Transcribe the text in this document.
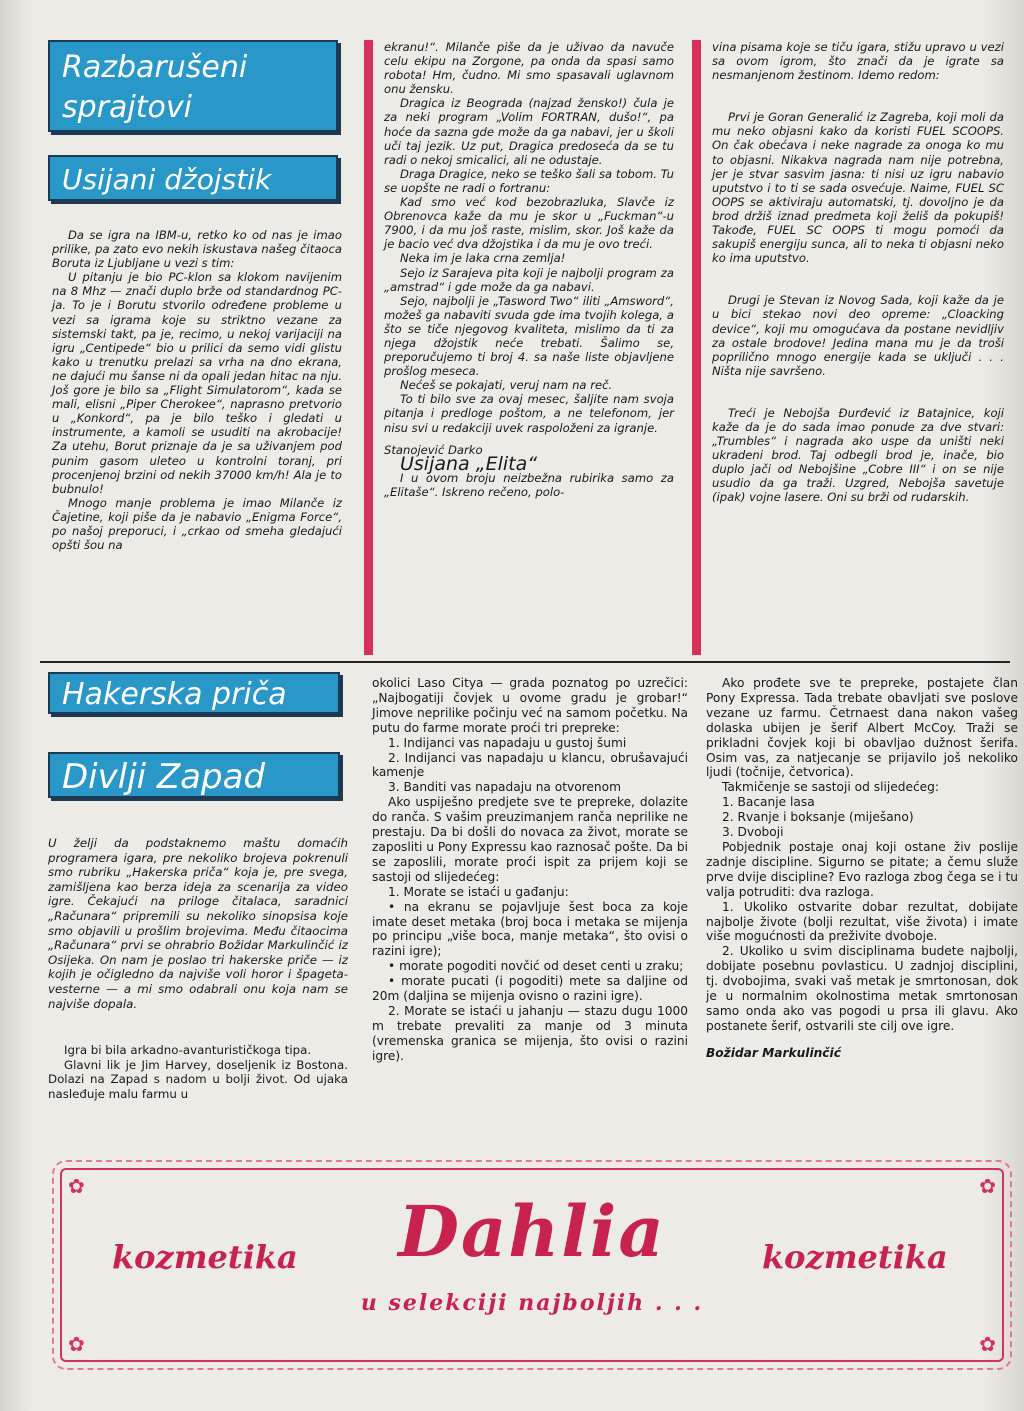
Razbarušeni sprajtovi
Usijani džojstik

Da se igra na IBM-u, retko ko od nas je imao prilike, pa zato evo nekih iskustava našeg čitaoca Boruta iz Ljubljane u vezi s tim:

U pitanju je bio PC-klon sa klokom navijenim na 8 Mhz — znači duplo brže od standardnog PC-ja. To je i Borutu stvorilo određene probleme u vezi sa igrama koje su striktno vezane za sistemski takt, pa je, recimo, u nekoj varijaciji na igru „Centipede“ bio u prilici da semo vidi glistu kako u trenutku prelazi sa vrha na dno ekrana, ne dajući mu šanse ni da opali jedan hitac na nju. Još gore je bilo sa „Flight Simulatorom“, kada se mali, elisni „Piper Cherokee“, naprasno pretvorio u „Konkord“, pa je bilo teško i gledati u instrumente, a kamoli se usuditi na akrobacije! Za utehu, Borut priznaje da je sa uživanjem pod punim gasom uleteo u kontrolni toranj, pri procenjenoj brzini od nekih 37000 km/h! Ala je to bubnulo!

Mnogo manje problema je imao Milanče iz Čajetine, koji piše da je nabavio „Enigma Force“, po našoj preporuci, i „crkao od smeha gledajući opšti šou na

ekranu!“. Milanče piše da je uživao da navuče celu ekipu na Zorgone, pa onda da spasi samo robota! Hm, čudno. Mi smo spasavali uglavnom onu žensku.

Dragica iz Beograda (najzad žensko!) čula je za neki program „Volim FORTRAN, dušo!“, pa hoće da sazna gde može da ga nabavi, jer u školi uči taj jezik. Uz put, Dragica predoseća da se tu radi o nekoj smicalici, ali ne odustaje.

Draga Dragice, neko se teško šali sa tobom. Tu se uopšte ne radi o fortranu:

Kad smo već kod bezobrazluka, Slavče iz Obrenovca kaže da mu je skor u „Fuckman“-u 7900, i da mu još raste, mislim, skor. Još kaže da je bacio već dva džojstika i da mu je ovo treći.

Neka im je laka crna zemlja!

Sejo iz Sarajeva pita koji je najbolji program za „amstrad“ i gde može da ga nabavi.

Sejo, najbolji je „Tasword Two“ iliti „Amsword“, možeš ga nabaviti svuda gde ima tvojih kolega, a što se tiče njegovog kvaliteta, mislimo da ti za njega džojstik neće trebati. Šalimo se, preporučujemo ti broj 4. sa naše liste objavljene prošlog meseca.

Nećeš se pokajati, veruj nam na reč.

To ti bilo sve za ovaj mesec, šaljite nam svoja pitanja i predloge poštom, a ne telefonom, jer nisu svi u redakciji uvek raspoloženi za igranje.

Stanojević Darko

Usijana „Elita“

I u ovom broju neizbežna rubirika samo za „Elitaše“. Iskreno rečeno, polo-

vina pisama koje se tiču igara, stižu upravo u vezi sa ovom igrom, što znači da je igrate sa nesmanjenom žestinom. Idemo redom:

Prvi je Goran Generalić iz Zagreba, koji moli da mu neko objasni kako da koristi FUEL SCOOPS. On čak obećava i neke nagrade za onoga ko mu to objasni. Nikakva nagrada nam nije potrebna, jer je stvar sasvim jasna: ti nisi uz igru nabavio uputstvo i to ti se sada osvećuje. Naime, FUEL SC OOPS se aktiviraju automatski, tj. dovoljno je da brod držiš iznad predmeta koji želiš da pokupiš! Takođe, FUEL SC OOPS ti mogu pomoći da sakupiš energiju sunca, ali to neka ti objasni neko ko ima uputstvo.

Drugi je Stevan iz Novog Sada, koji kaže da je u bici stekao novi deo opreme: „Cloacking device“, koji mu omogućava da postane nevidljiv za ostale brodove! Jedina mana mu je da troši poprilično mnogo energije kada se uključi . . . Ništa nije savršeno.

Treći je Nebojša Đurđević iz Batajnice, koji kaže da je do sada imao ponude za dve stvari: „Trumbles“ i nagrada ako uspe da uništi neki ukradeni brod. Taj odbegli brod je, inače, bio duplo jači od Nebojšine „Cobre III“ i on se nije usudio da ga traži. Uzgred, Nebojša savetuje (ipak) vojne lasere. Oni su brži od rudarskih.

Hakerska priča
Divlji Zapad

U želji da podstaknemo maštu domaćih programera igara, pre nekoliko brojeva pokrenuli smo rubriku „Hakerska priča“ koja je, pre svega, zamišljena kao berza ideja za scenarija za video igre. Čekajući na priloge čitalaca, saradnici „Računara“ pripremili su nekoliko sinopsisa koje smo objavili u prošlim brojevima. Među čitaocima „Računara“ prvi se ohrabrio Božidar Markulinčić iz Osijeka. On nam je poslao tri hakerske priče — iz kojih je očigledno da najviše voli horor i špageta-vesterne — a mi smo odabrali onu koja nam se najviše dopala.

Igra bi bila arkadno-avanturističkoga tipa.

Glavni lik je Jim Harvey, doseljenik iz Bostona. Dolazi na Zapad s nadom u bolji život. Od ujaka nasleđuje malu farmu u

okolici Laso Citya — grada poznatog po uzrečici: „Najbogatiji čovjek u ovome gradu je grobar!“ Jimove neprilike počinju već na samom početku. Na putu do farme morate proći tri prepreke:

1. Indijanci vas napadaju u gustoj šumi

2. Indijanci vas napadaju u klancu, obrušavajući kamenje

3. Banditi vas napadaju na otvorenom

Ako uspiješno predjete sve te prepreke, dolazite do ranča. S vašim preuzimanjem ranča neprilike ne prestaju. Da bi došli do novaca za život, morate se zaposliti u Pony Expressu kao raznosač pošte. Da bi se zaposlili, morate proći ispit za prijem koji se sastoji od slijedećeg:

1. Morate se istaći u gađanju:

• na ekranu se pojavljuje šest boca za koje imate deset metaka (broj boca i metaka se mijenja po principu „više boca, manje metaka“, što ovisi o razini igre);

• morate pogoditi novčić od deset centi u zraku;

• morate pucati (i pogoditi) mete sa daljine od 20m (daljina se mijenja ovisno o razini igre).

2. Morate se istaći u jahanju — stazu dugu 1000 m trebate prevaliti za manje od 3 minuta (vremenska granica se mijenja, što ovisi o razini igre).

Ako prođete sve te prepreke, postajete član Pony Expressa. Tada trebate obavljati sve poslove vezane uz farmu. Četrnaest dana nakon vašeg dolaska ubijen je šerif Albert McCoy. Traži se prikladni čovjek koji bi obavljao dužnost šerifa. Osim vas, za natjecanje se prijavilo još nekoliko ljudi (točnije, četvorica).

Takmičenje se sastoji od slijedećeg:

1. Bacanje lasa

2. Rvanje i boksanje (miješano)

3. Dvoboji

Pobjednik postaje onaj koji ostane živ poslije zadnje discipline. Sigurno se pitate; a čemu služe prve dvije discipline? Evo razloga zbog čega se i tu valja potruditi: dva razloga.

1. Ukoliko ostvarite dobar rezultat, dobijate najbolje živote (bolji rezultat, više života) i imate više mogućnosti da preživite dvoboje.

2. Ukoliko u svim disciplinama budete najbolji, dobijate posebnu povlasticu. U zadnjoj disciplini, tj. dvobojima, svaki vaš metak je smrtonosan, dok je u normalnim okolnostima metak smrtonosan samo onda ako vas pogodi u prsa ili glavu. Ako postanete šerif, ostvarili ste cilj ove igre.

Božidar Markulinčić

✿	✿
✿	✿
kozmetika	Dahlia	kozmetika
u selekciji najboljih . . .
